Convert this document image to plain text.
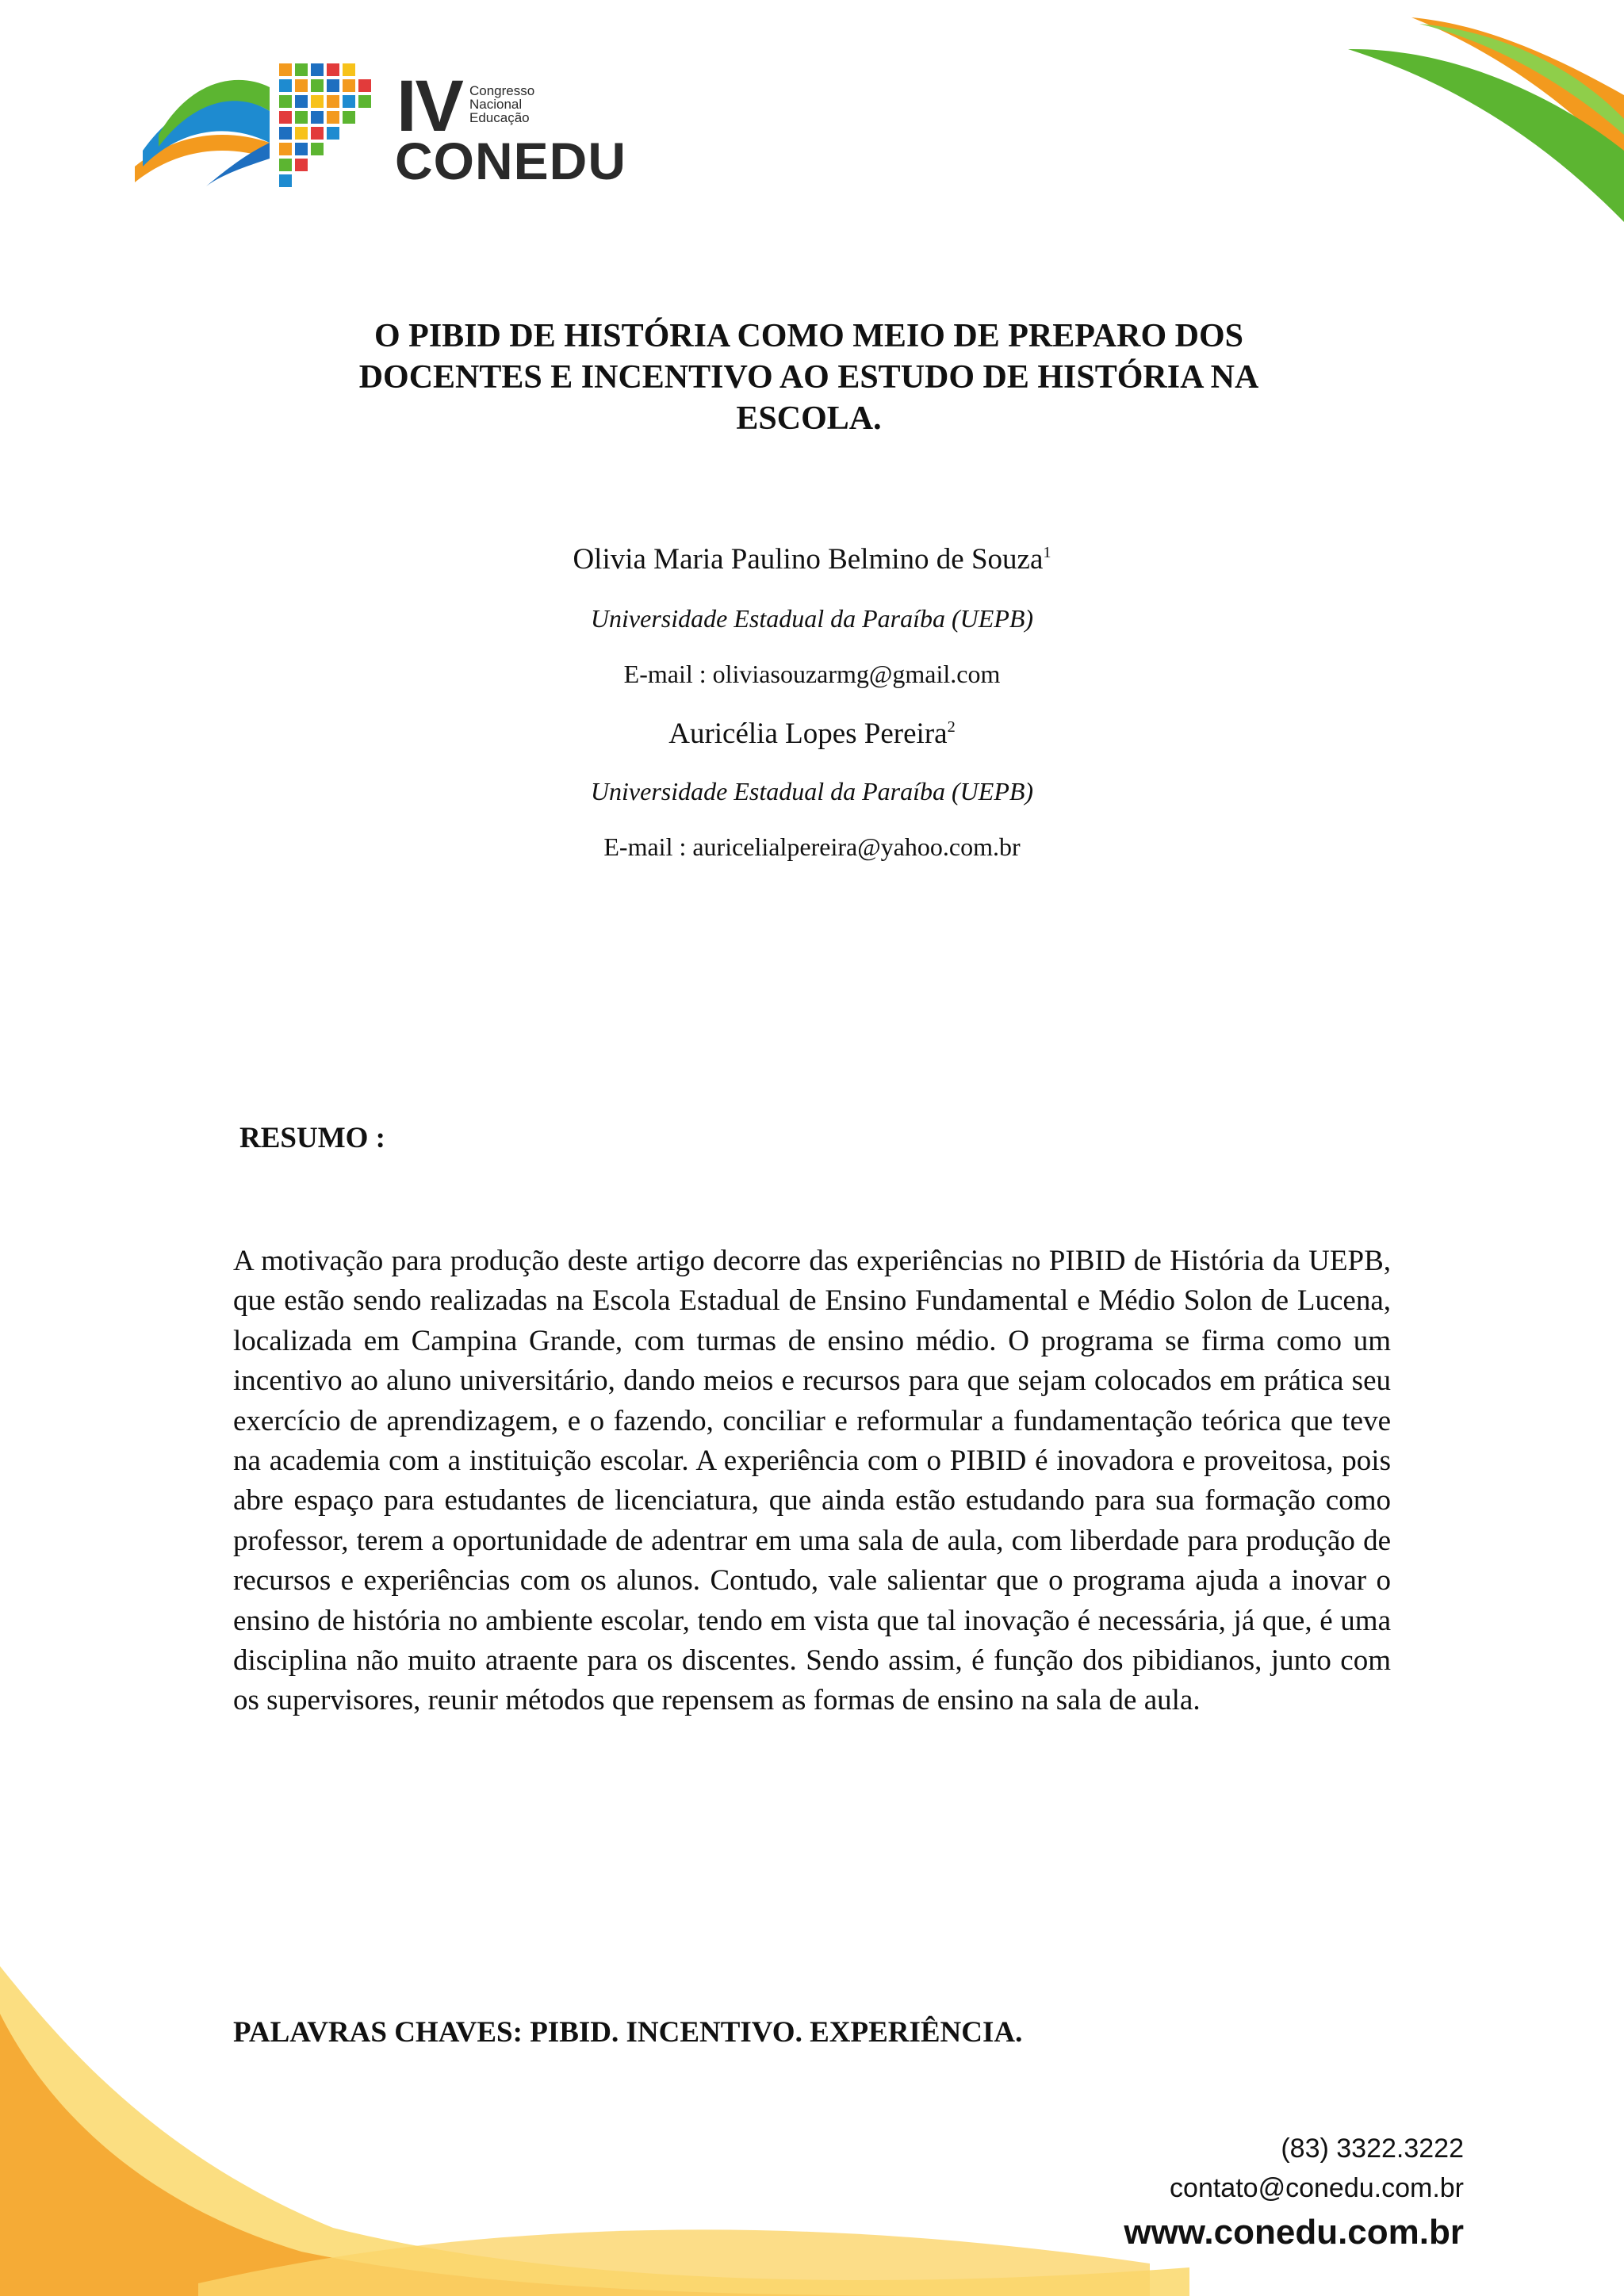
IV Congresso
Nacional
Educação
CONEDU
O PIBID DE HISTÓRIA COMO MEIO DE PREPARO DOS
DOCENTES E INCENTIVO AO ESTUDO DE HISTÓRIA NA
ESCOLA.
Olivia Maria Paulino Belmino de Souza$^1$
Universidade Estadual da Paraíba (UEPB)
E-mail : oliviasouzarmg@gmail.com
Auricélia Lopes Pereira$^2$
Universidade Estadual da Paraíba (UEPB)
E-mail : auricelialpereira@yahoo.com.br
RESUMO :
A motivação para produção deste artigo decorre das experiências no PIBID de História da UEPB, que estão sendo realizadas na Escola Estadual de Ensino Fundamental e Médio Solon de Lucena, localizada em Campina Grande, com turmas de ensino médio. O programa se firma como um incentivo ao aluno universitário, dando meios e recursos para que sejam colocados em prática seu exercício de aprendizagem, e o fazendo, conciliar e reformular a fundamentação teórica que teve na academia com a instituição escolar. A experiência com o PIBID é inovadora e proveitosa, pois abre espaço para estudantes de licenciatura, que ainda estão estudando para sua formação como professor, terem a oportunidade de adentrar em uma sala de aula, com liberdade para produção de recursos e experiências com os alunos. Contudo, vale salientar que o programa ajuda a inovar o ensino de história no ambiente escolar, tendo em vista que tal inovação é necessária, já que, é uma disciplina não muito atraente para os discentes. Sendo assim, é função dos pibidianos, junto com os supervisores, reunir métodos que repensem as formas de ensino na sala de aula.
PALAVRAS CHAVES: PIBID. INCENTIVO. EXPERIÊNCIA.
(83) 3322.3222
contato@conedu.com.br
www.conedu.com.br
